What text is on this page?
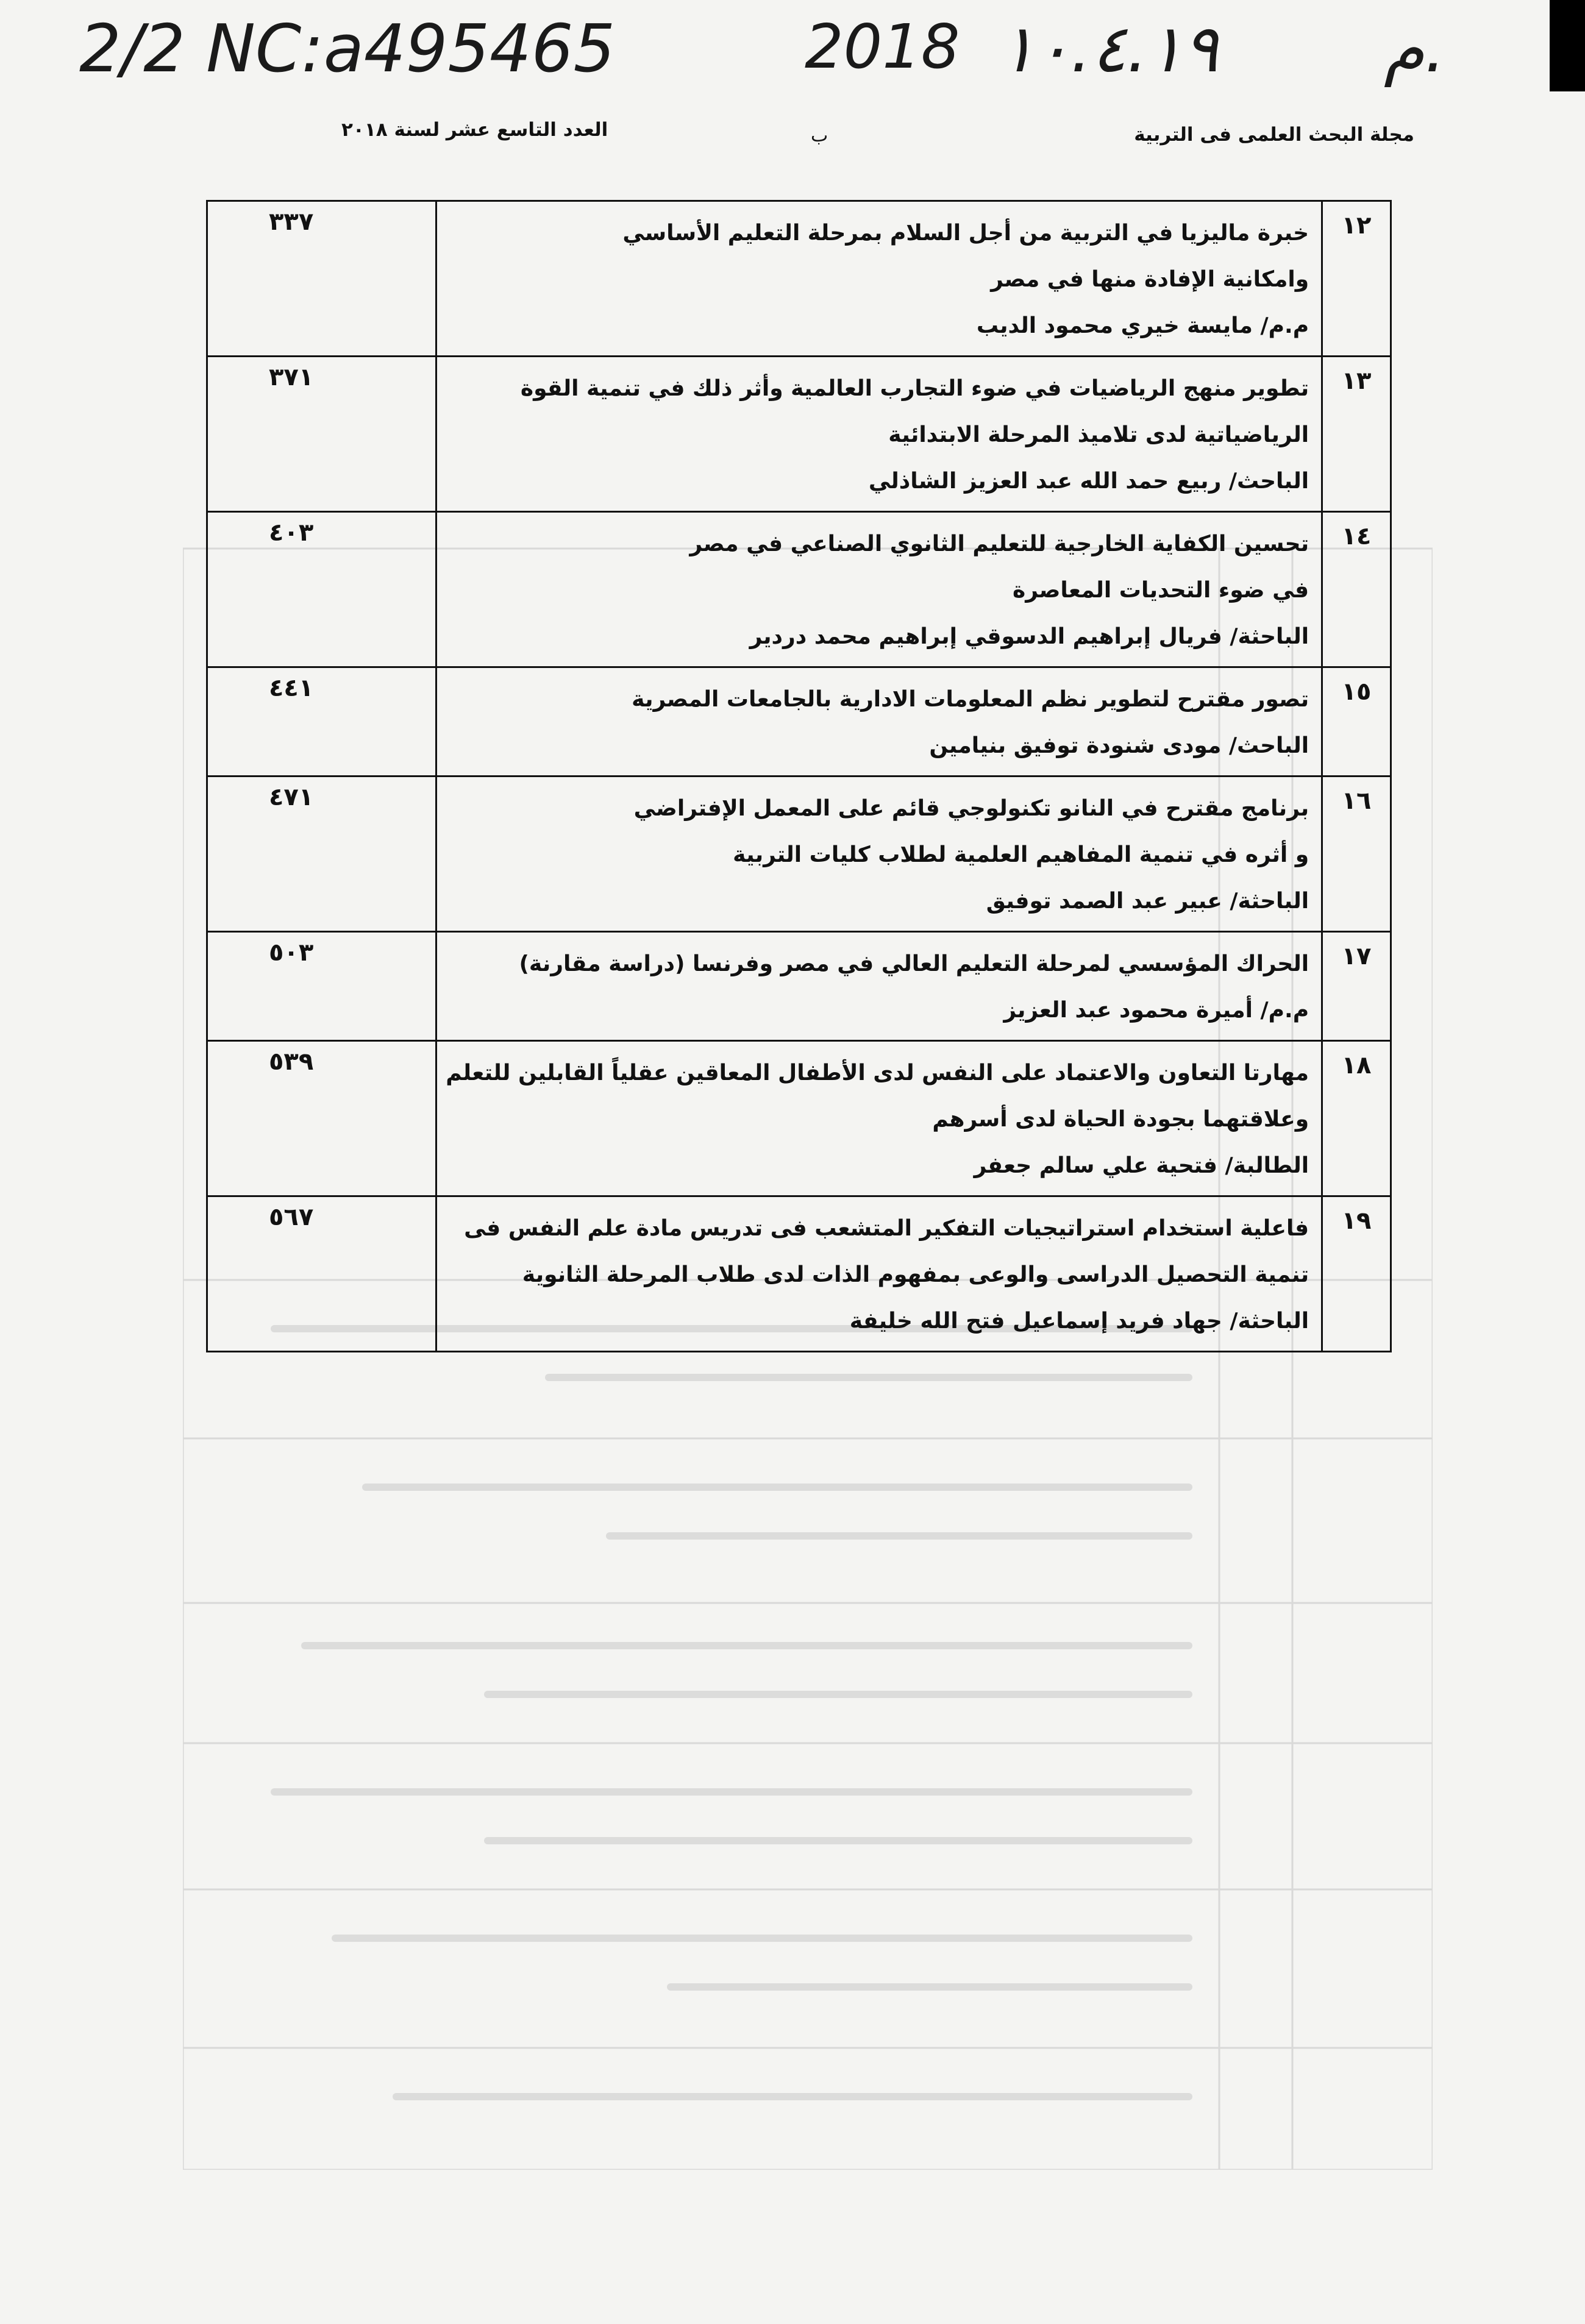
2/2 NC:a495465	2018 ١٠.٤.١٩	م.
مجلة البحث العلمى فى التربية
ب
العدد التاسع عشر لسنة ٢٠١٨
١٢	خبرة ماليزيا في التربية من أجل السلام بمرحلة التعليم الأساسي
وامكانية الإفادة منها في مصر
م.م/ مايسة خيري محمود الديب	٣٣٧
١٣	تطوير منهج الرياضيات في ضوء التجارب العالمية وأثر ذلك في تنمية القوة
الرياضياتية لدى تلاميذ المرحلة الابتدائية
الباحث/ ربيع حمد الله عبد العزيز الشاذلي	٣٧١
١٤	تحسين الكفاية الخارجية للتعليم الثانوي الصناعي في مصر
في ضوء التحديات المعاصرة
الباحثة/ فريال إبراهيم الدسوقي إبراهيم محمد دردير	٤٠٣
١٥	تصور مقترح لتطوير نظم المعلومات الادارية بالجامعات المصرية
الباحث/ مودى شنودة توفيق بنيامين	٤٤١
١٦	برنامج مقترح في النانو تكنولوجي قائم على المعمل الإفتراضي
و أثره في تنمية المفاهيم العلمية لطلاب كليات التربية
الباحثة/ عبير عبد الصمد توفيق	٤٧١
١٧	الحراك المؤسسي لمرحلة التعليم العالي في مصر وفرنسا (دراسة مقارنة)
م.م/ أميرة محمود عبد العزيز	٥٠٣
١٨	مهارتا التعاون والاعتماد على النفس لدى الأطفال المعاقين عقلياً القابلين للتعلم
وعلاقتهما بجودة الحياة لدى أسرهم
الطالبة/ فتحية علي سالم جعفر	٥٣٩
١٩	فاعلية استخدام استراتيجيات التفكير المتشعب فى تدريس مادة علم النفس فى
تنمية التحصيل الدراسى والوعى بمفهوم الذات لدى طلاب المرحلة الثانوية
الباحثة/ جهاد فريد إسماعيل فتح الله خليفة	٥٦٧
